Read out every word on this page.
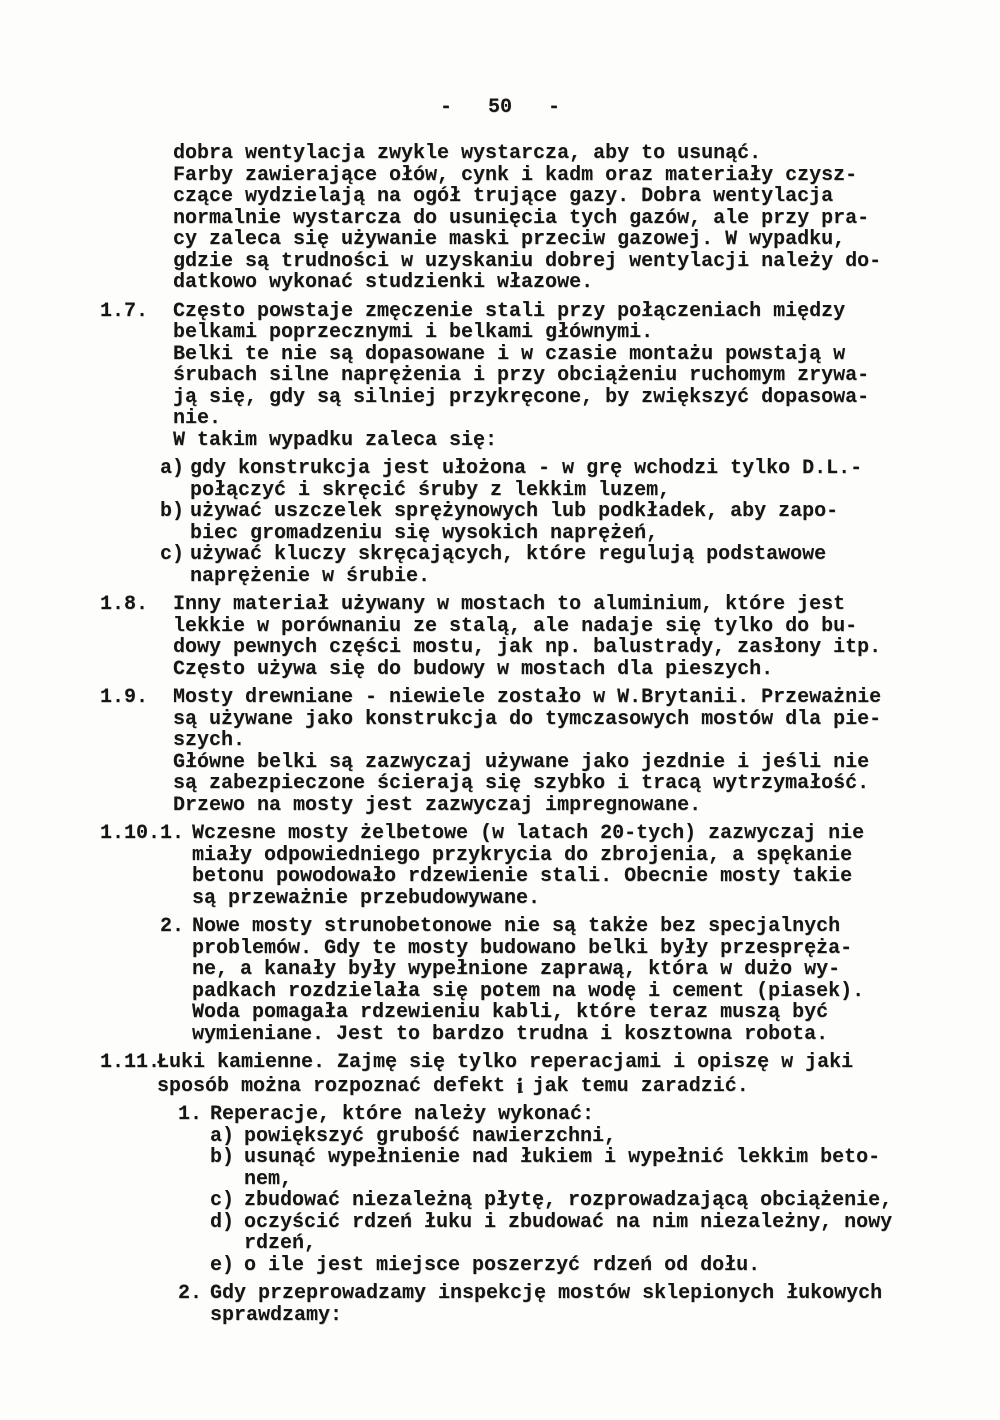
-   50   -
dobra wentylacja zwykle wystarcza, aby to usunąć.
Farby zawierające ołów, cynk i kadm oraz materiały czysz-
czące wydzielają na ogół trujące gazy. Dobra wentylacja
normalnie wystarcza do usunięcia tych gazów, ale przy pra-
cy zaleca się używanie maski przeciw gazowej. W wypadku,
gdzie są trudności w uzyskaniu dobrej wentylacji należy do-
datkowo wykonać studzienki włazowe.
1.7.	Często powstaje zmęczenie stali przy połączeniach między
belkami poprzecznymi i belkami głównymi.
Belki te nie są dopasowane i w czasie montażu powstają w
śrubach silne naprężenia i przy obciążeniu ruchomym zrywa-
ją się, gdy są silniej przykręcone, by zwiększyć dopasowa-
nie.
W takim wypadku zaleca się:
a) gdy konstrukcja jest ułożona - w grę wchodzi tylko D.L.-
połączyć i skręcić śruby z lekkim luzem,
b) używać uszczelek sprężynowych lub podkładek, aby zapo-
biec gromadzeniu się wysokich naprężeń,
c) używać kluczy skręcających, które regulują podstawowe
naprężenie w śrubie.
1.8.	Inny materiał używany w mostach to aluminium, które jest
lekkie w porównaniu ze stalą, ale nadaje się tylko do bu-
dowy pewnych części mostu, jak np. balustrady, zasłony itp.
Często używa się do budowy w mostach dla pieszych.
1.9.	Mosty drewniane - niewiele zostało w W.Brytanii. Przeważnie
są używane jako konstrukcja do tymczasowych mostów dla pie-
szych.
Główne belki są zazwyczaj używane jako jezdnie i jeśli nie
są zabezpieczone ścierają się szybko i tracą wytrzymałość.
Drzewo na mosty jest zazwyczaj impregnowane.
1.10. 1. Wczesne mosty żelbetowe (w latach 20-tych) zazwyczaj nie
miały odpowiedniego przykrycia do zbrojenia, a spękanie
betonu powodowało rdzewienie stali. Obecnie mosty takie
są przeważnie przebudowywane.
2. Nowe mosty strunobetonowe nie są także bez specjalnych
problemów. Gdy te mosty budowano belki były przespręża-
ne, a kanały były wypełnione zaprawą, która w dużo wy-
padkach rozdzielała się potem na wodę i cement (piasek).
Woda pomagała rdzewieniu kabli, które teraz muszą być
wymieniane. Jest to bardzo trudna i kosztowna robota.
1.11.
Łuki kamienne. Zajmę się tylko reperacjami i opiszę w jaki
sposób można rozpoznać defekt i jak temu zaradzić.
1. Reperacje, które należy wykonać:
a) powiększyć grubość nawierzchni,
b) usunąć wypełnienie nad łukiem i wypełnić lekkim beto-
nem,
c) zbudować niezależną płytę, rozprowadzającą obciążenie,
d) oczyścić rdzeń łuku i zbudować na nim niezależny, nowy
rdzeń,
e) o ile jest miejsce poszerzyć rdzeń od dołu.
2. Gdy przeprowadzamy inspekcję mostów sklepionych łukowych
sprawdzamy:
